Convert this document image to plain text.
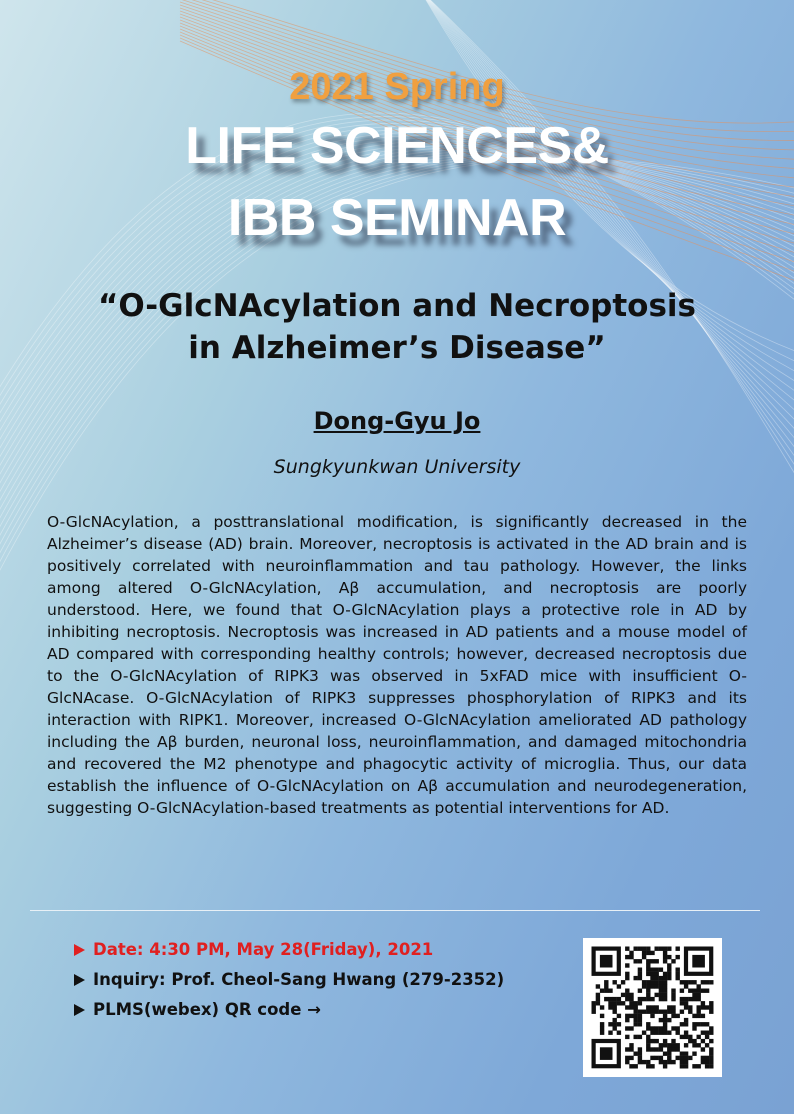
2021 Spring
LIFE SCIENCES&
IBB SEMINAR
“O-GlcNAcylation and Necroptosis
in Alzheimer’s Disease”
Dong-Gyu Jo
Sungkyunkwan University
O-GlcNAcylation, a posttranslational modification, is significantly decreased in the Alzheimer’s disease (AD) brain. Moreover, necroptosis is activated in the AD brain and is positively correlated with neuroinflammation and tau pathology. However, the links among altered O-GlcNAcylation, Aβ accumulation, and necroptosis are poorly understood. Here, we found that O-GlcNAcylation plays a protective role in AD by inhibiting necroptosis. Necroptosis was increased in AD patients and a mouse model of AD compared with corresponding healthy controls; however, decreased necroptosis due to the O-GlcNAcylation of RIPK3 was observed in 5xFAD mice with insufficient O-GlcNAcase. O-GlcNAcylation of RIPK3 suppresses phosphorylation of RIPK3 and its interaction with RIPK1. Moreover, increased O-GlcNAcylation ameliorated AD pathology including the Aβ burden, neuronal loss, neuroinflammation, and damaged mitochondria and recovered the M2 phenotype and phagocytic activity of microglia. Thus, our data establish the influence of O-GlcNAcylation on Aβ accumulation and neurodegeneration, suggesting O-GlcNAcylation-based treatments as potential interventions for AD.
Date: 4:30 PM, May 28(Friday), 2021
Inquiry: Prof. Cheol-Sang Hwang (279-2352)
PLMS(webex) QR code →
